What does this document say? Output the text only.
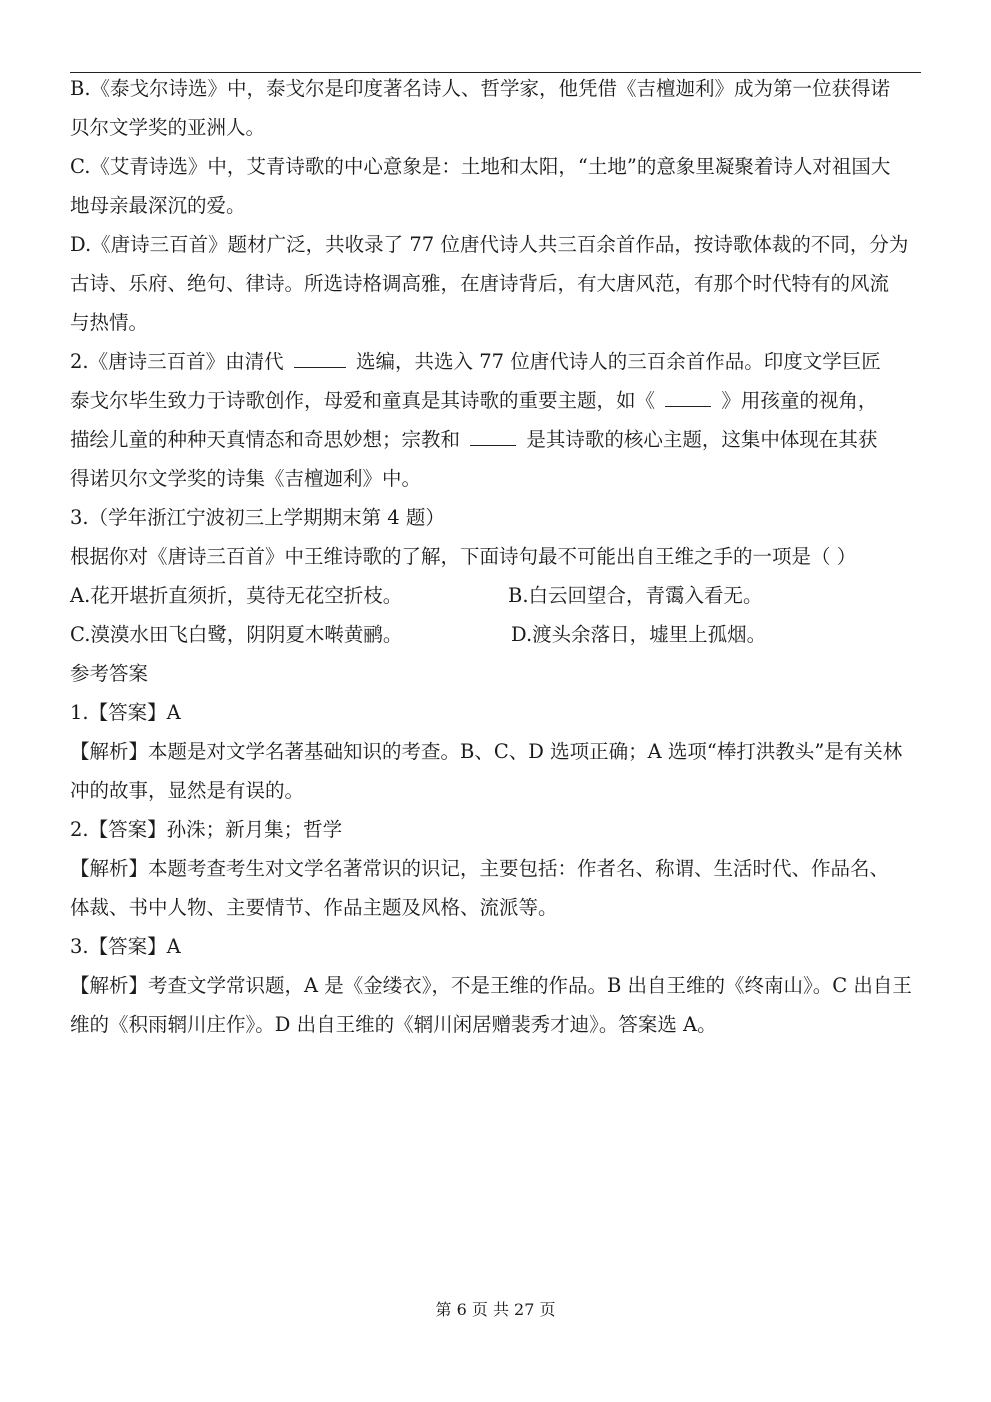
B.《泰戈尔诗选》中，泰戈尔是印度著名诗人、哲学家，他凭借《吉檀迦利》成为第一位获得诺
贝尔文学奖的亚洲人。
C.《艾青诗选》中，艾青诗歌的中心意象是：土地和太阳，“土地”的意象里凝聚着诗人对祖国大
地母亲最深沉的爱。
D.《唐诗三百首》题材广泛，共收录了 77 位唐代诗人共三百余首作品，按诗歌体裁的不同，分为
古诗、乐府、绝句、律诗。所选诗格调高雅，在唐诗背后，有大唐风范，有那个时代特有的风流
与热情。
2.《唐诗三百首》由清代	选编，共选入 77 位唐代诗人的三百余首作品。印度文学巨匠
泰戈尔毕生致力于诗歌创作，母爱和童真是其诗歌的重要主题，如《	》用孩童的视角，
描绘儿童的种种天真情态和奇思妙想；宗教和	是其诗歌的核心主题，这集中体现在其获
得诺贝尔文学奖的诗集《吉檀迦利》中。
3.（学年浙江宁波初三上学期期末第 4 题）
根据你对《唐诗三百首》中王维诗歌的了解，下面诗句最不可能出自王维之手的一项是（ ）
A.花开堪折直须折，莫待无花空折枝。	B.白云回望合，青霭入看无。
C.漠漠水田飞白鹭，阴阴夏木啭黄鹂。	D.渡头余落日，墟里上孤烟。
参考答案
1.【答案】A
【解析】本题是对文学名著基础知识的考查。B、C、D 选项正确；A 选项“棒打洪教头”是有关林
冲的故事，显然是有误的。
2.【答案】孙洙；新月集；哲学
【解析】本题考查考生对文学名著常识的识记，主要包括：作者名、称谓、生活时代、作品名、
体裁、书中人物、主要情节、作品主题及风格、流派等。
3.【答案】A
【解析】考查文学常识题，A 是《金缕衣》，不是王维的作品。B 出自王维的《终南山》。C 出自王
维的《积雨辋川庄作》。D 出自王维的《辋川闲居赠裴秀才迪》。答案选 A。
第 6 页 共 27 页
